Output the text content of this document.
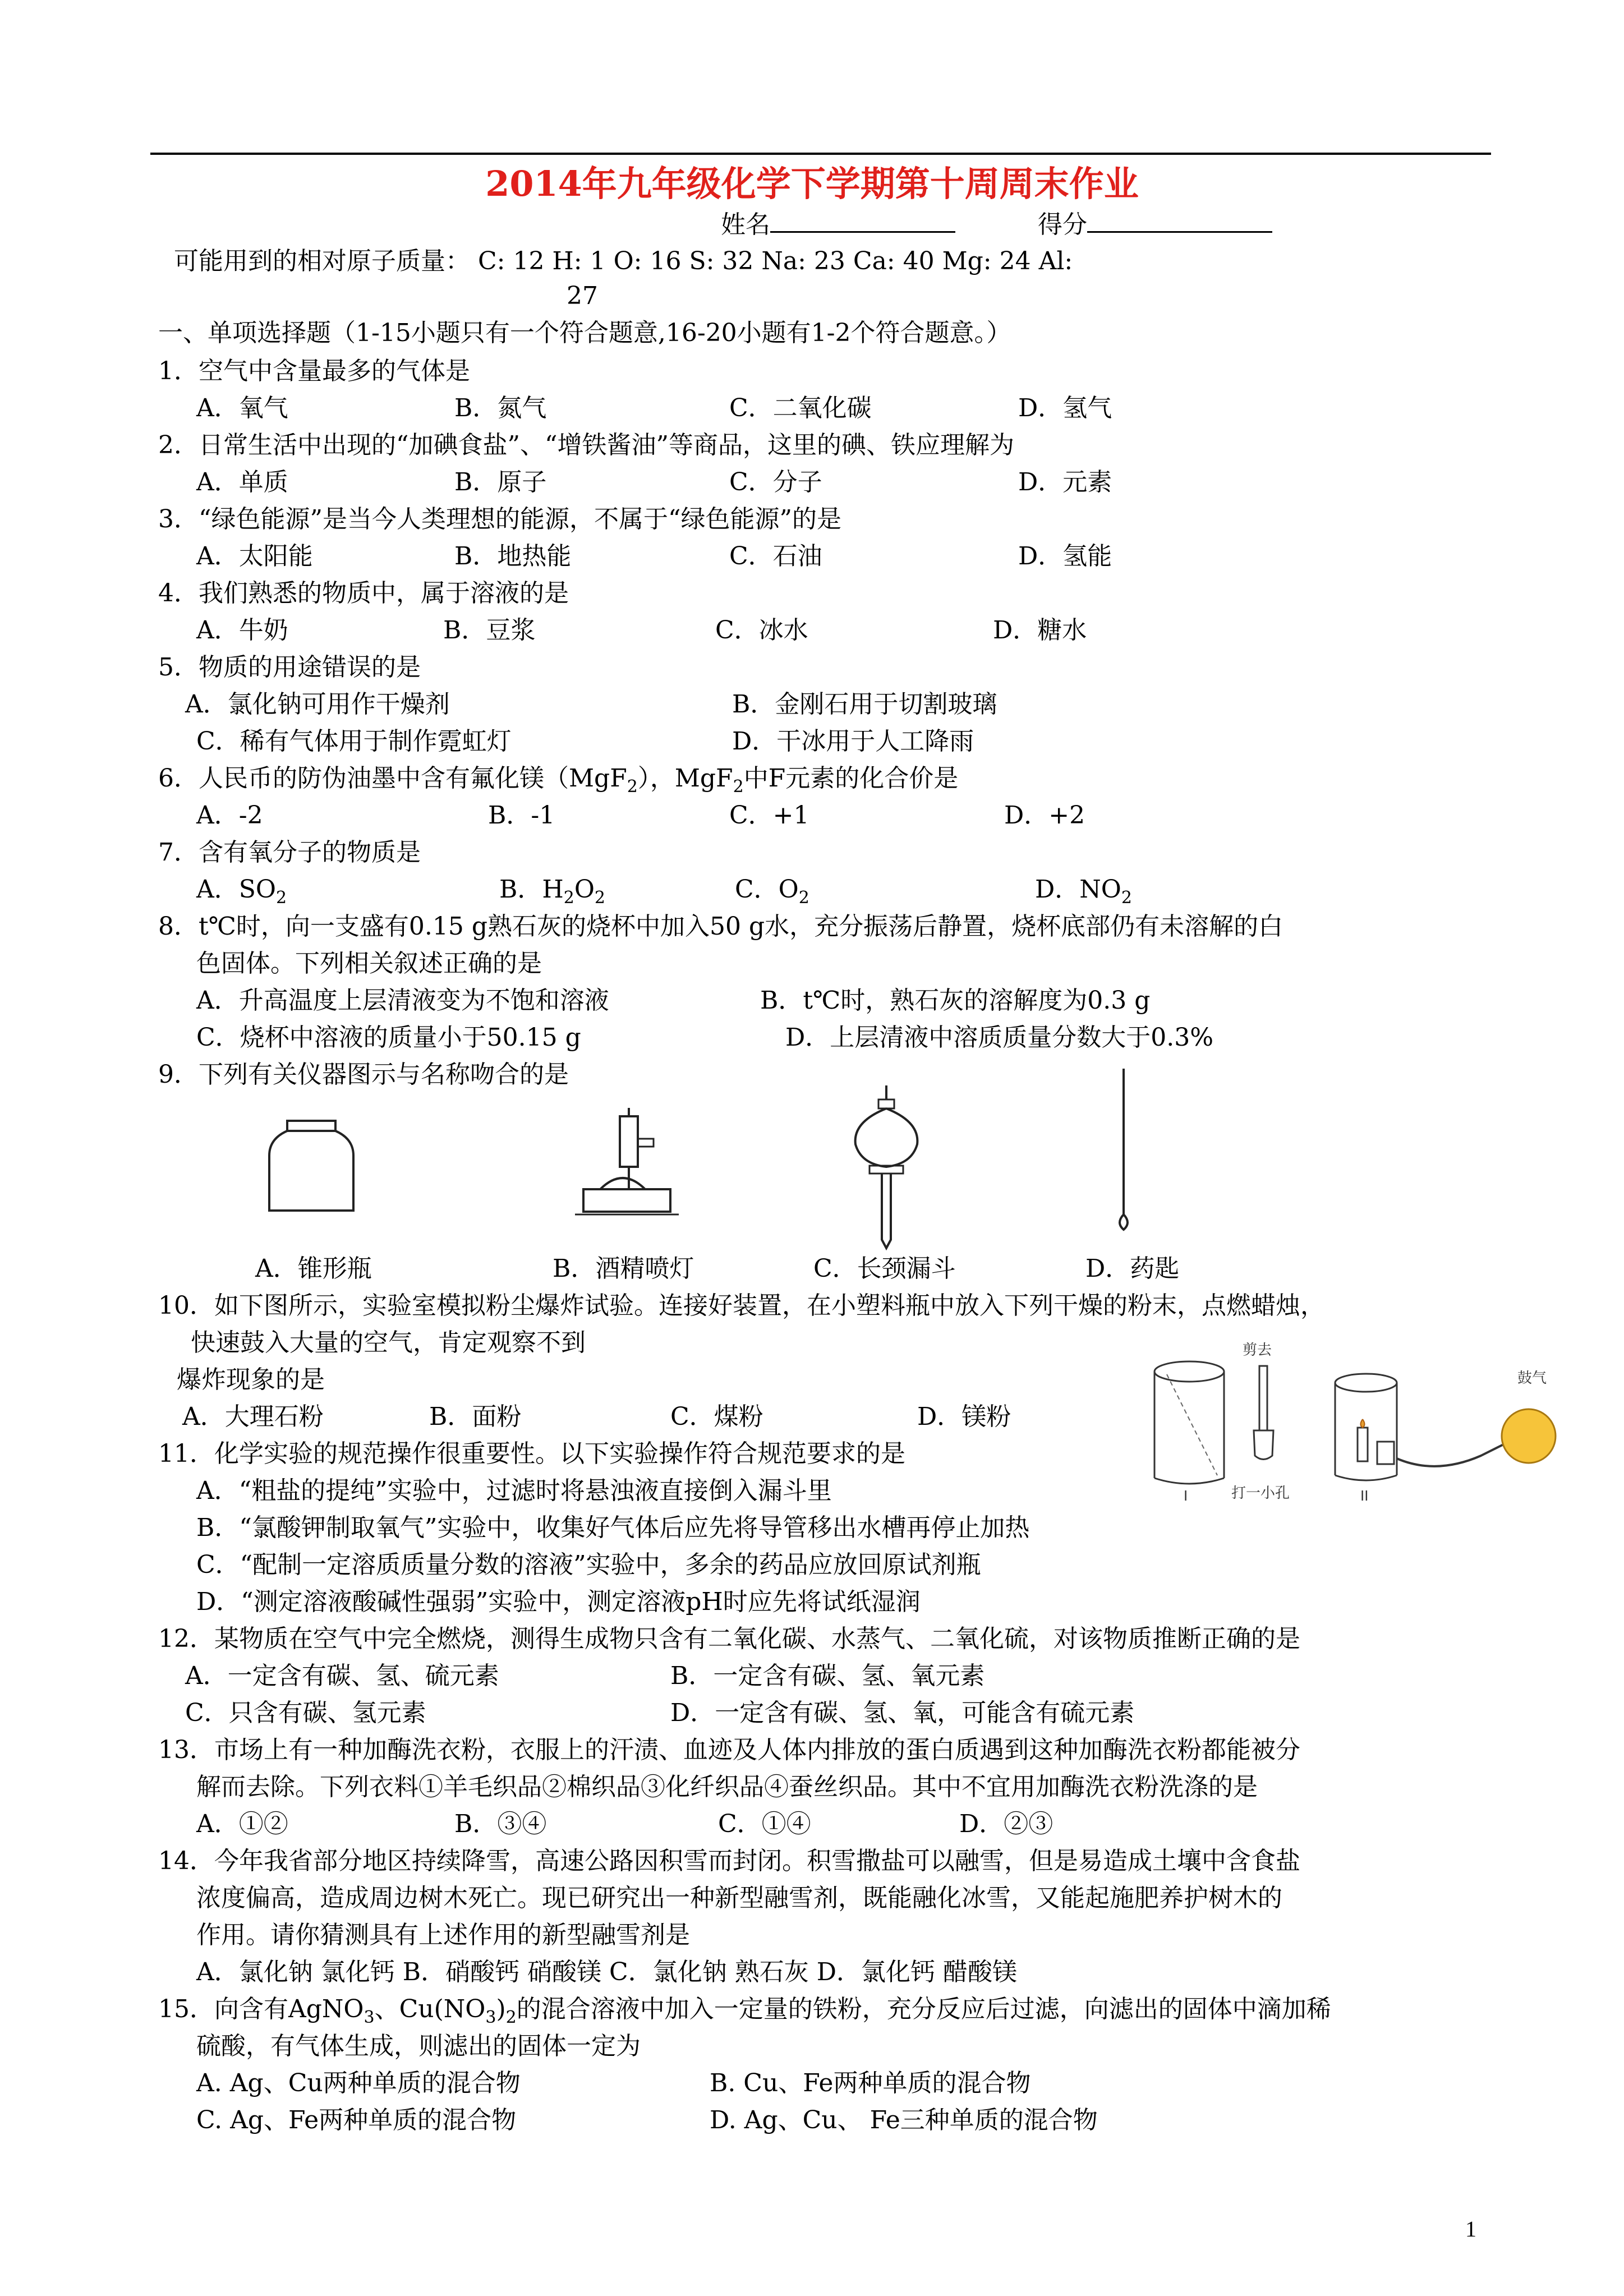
2014年九年级化学下学期第十周周末作业
姓名	得分
可能用到的相对原子质量： C: 12 H: 1 O: 16 S: 32 Na: 23 Ca: 40 Mg: 24 Al:
27
一、单项选择题（1-15小题只有一个符合题意,16-20小题有1-2个符合题意。）
1．空气中含量最多的气体是
A．氧气	B．氮气	C．二氧化碳	D．氢气
2．日常生活中出现的“加碘食盐”、“增铁酱油”等商品，这里的碘、铁应理解为
A．单质	B．原子	C．分子	D．元素
3．“绿色能源”是当今人类理想的能源，不属于“绿色能源”的是
A．太阳能	B．地热能	C．石油	D．氢能
4．我们熟悉的物质中，属于溶液的是
A．牛奶	B．豆浆	C．冰水	D．糖水
5．物质的用途错误的是
A．氯化钠可用作干燥剂	B．金刚石用于切割玻璃
C．稀有气体用于制作霓虹灯	D．干冰用于人工降雨
6．人民币的防伪油墨中含有氟化镁（MgF$_2$），MgF$_2$中F元素的化合价是
A．-2	B．-1	C．+1	D．+2
7．含有氧分子的物质是
A．$SO_2$	B．$H_2O_2$	C．$O_2$	D．$NO_2$
8．t℃时，向一支盛有0.15 g熟石灰的烧杯中加入50 g水，充分振荡后静置，烧杯底部仍有未溶解的白
色固体。下列相关叙述正确的是
A．升高温度上层清液变为不饱和溶液	B．t℃时，熟石灰的溶解度为0.3 g
C．烧杯中溶液的质量小于50.15 g	D．上层清液中溶质质量分数大于0.3%
9．下列有关仪器图示与名称吻合的是
A．锥形瓶	B．酒精喷灯	C．长颈漏斗	D．药匙
10．如下图所示，实验室模拟粉尘爆炸试验。连接好装置，在小塑料瓶中放入下列干燥的粉末，点燃蜡烛，
快速鼓入大量的空气，肯定观察不到
爆炸现象的是
A．大理石粉	B．面粉	C．煤粉	D．镁粉
I
剪去
打一小孔	II
鼓气
11．化学实验的规范操作很重要性。以下实验操作符合规范要求的是
A．“粗盐的提纯”实验中，过滤时将悬浊液直接倒入漏斗里
B．“氯酸钾制取氧气”实验中，收集好气体后应先将导管移出水槽再停止加热
C．“配制一定溶质质量分数的溶液”实验中，多余的药品应放回原试剂瓶
D．“测定溶液酸碱性强弱”实验中，测定溶液pH时应先将试纸湿润
12．某物质在空气中完全燃烧，测得生成物只含有二氧化碳、水蒸气、二氧化硫，对该物质推断正确的是
A．一定含有碳、氢、硫元素	B．一定含有碳、氢、氧元素
C．只含有碳、氢元素	D．一定含有碳、氢、氧，可能含有硫元素
13．市场上有一种加酶洗衣粉，衣服上的汗渍、血迹及人体内排放的蛋白质遇到这种加酶洗衣粉都能被分
解而去除。下列衣料①羊毛织品②棉织品③化纤织品④蚕丝织品。其中不宜用加酶洗衣粉洗涤的是
A．①②	B．③④	C．①④	D．②③
14．今年我省部分地区持续降雪，高速公路因积雪而封闭。积雪撒盐可以融雪，但是易造成土壤中含食盐
浓度偏高，造成周边树木死亡。现已研究出一种新型融雪剂，既能融化冰雪，又能起施肥养护树木的
作用。请你猜测具有上述作用的新型融雪剂是
A．氯化钠 氯化钙 B．硝酸钙 硝酸镁 C．氯化钠 熟石灰 D．氯化钙 醋酸镁
15．向含有AgNO$_3$、$Cu(NO_3)_2$的混合溶液中加入一定量的铁粉，充分反应后过滤，向滤出的固体中滴加稀
硫酸，有气体生成，则滤出的固体一定为
A. Ag、Cu两种单质的混合物	B. Cu、Fe两种单质的混合物
C. Ag、Fe两种单质的混合物	D. Ag、Cu、 Fe三种单质的混合物
1
